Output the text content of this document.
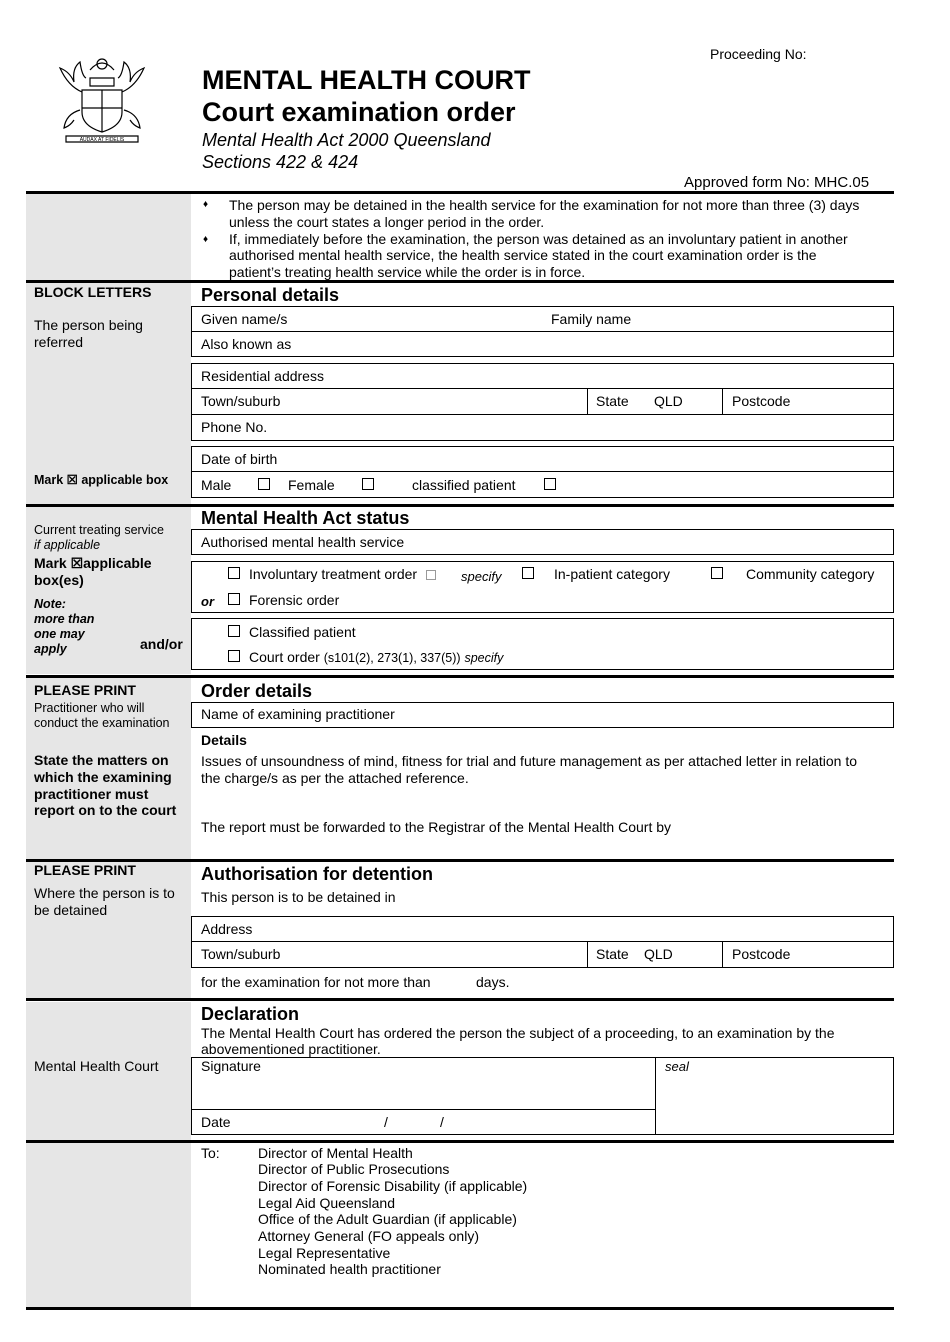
AUDAX AT FIDELIS
Proceeding No:
MENTAL HEALTH COURT
Court examination order
Mental Health Act 2000 Queensland
Sections 422 & 424
Approved form No: MHC.05
♦ The person may be detained in the health service for the examination for not more than three (3) days
unless the court states a longer period in the order.
♦ If, immediately before the examination, the person was detained as an involuntary patient in another
authorised mental health service, the health service stated in the court examination order is the
patient’s treating health service while the order is in force.
BLOCK LETTERS
The person being
referred
Mark ☒ applicable box
Personal details
Given name/s	Family name
Also known as
Residential address
Town/suburb	State QLD	Postcode
Phone No.
Date of birth
Male	Female	classified patient
Current treating service
if applicable
Mark ☒applicable
box(es)
Note:
more than
one may
apply	and/or
Mental Health Act status
Authorised mental health service
Involuntary treatment order	specify	In-patient category	Community category
or	Forensic order
Classified patient
Court order (s101(2), 273(1), 337(5)) specify
PLEASE PRINT
Practitioner who will
conduct the examination
State the matters on
which the examining
practitioner must
report on to the court
Order details
Name of examining practitioner
Details
Issues of unsoundness of mind, fitness for trial and future management as per attached letter in relation to
the charge/s as per the attached reference.
The report must be forwarded to the Registrar of the Mental Health Court by
PLEASE PRINT
Where the person is to
be detained
Authorisation for detention
This person is to be detained in
Address
Town/suburb	State QLD	Postcode
for the examination for not more than	days.
Mental Health Court
Declaration
The Mental Health Court has ordered the person the subject of a proceeding, to an examination by the
abovementioned practitioner.
Signature	seal
Date	/	/
To:	Director of Mental Health
Director of Public Prosecutions
Director of Forensic Disability (if applicable)
Legal Aid Queensland
Office of the Adult Guardian (if applicable)
Attorney General (FO appeals only)
Legal Representative
Nominated health practitioner
